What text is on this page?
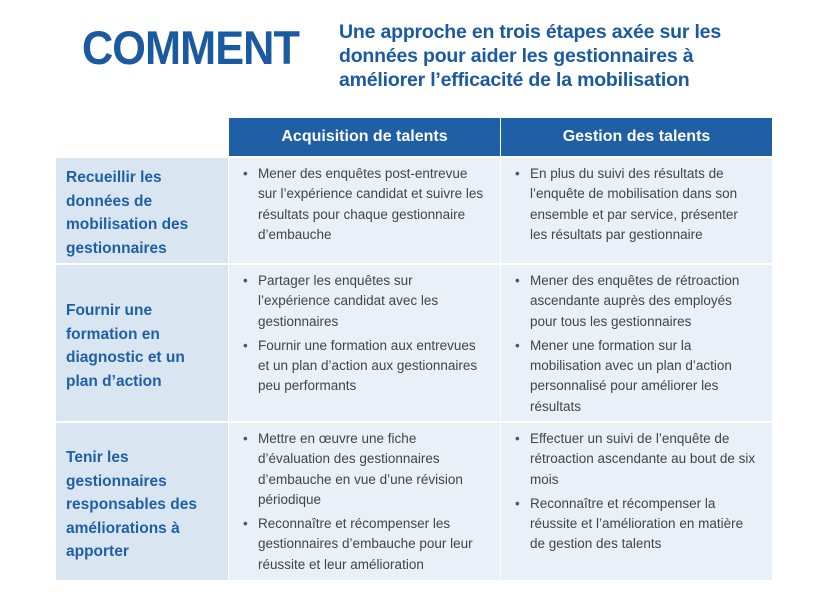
COMMENT Une approche en trois étapes axée sur les données pour aider les gestionnaires à améliorer l’efficacité de la mobilisation
Acquisition de talents	Gestion des talents
Recueillir les données de mobilisation des gestionnaires
• Mener des enquêtes post-entrevue sur l’expérience candidat et suivre les résultats pour chaque gestionnaire d’embauche
• En plus du suivi des résultats de l’enquête de mobilisation dans son ensemble et par service, présenter les résultats par gestionnaire
Fournir une formation en diagnostic et un plan d’action
• Partager les enquêtes sur l’expérience candidat avec les gestionnaires
• Fournir une formation aux entrevues et un plan d’action aux gestionnaires peu performants
• Mener des enquêtes de rétroaction ascendante auprès des employés pour tous les gestionnaires
• Mener une formation sur la mobilisation avec un plan d’action personnalisé pour améliorer les résultats
Tenir les gestionnaires responsables des améliorations à apporter
• Mettre en œuvre une fiche d’évaluation des gestionnaires d’embauche en vue d’une révision périodique
• Reconnaître et récompenser les gestionnaires d’embauche pour leur réussite et leur amélioration
• Effectuer un suivi de l’enquête de rétroaction ascendante au bout de six mois
• Reconnaître et récompenser la réussite et l’amélioration en matière de gestion des talents
